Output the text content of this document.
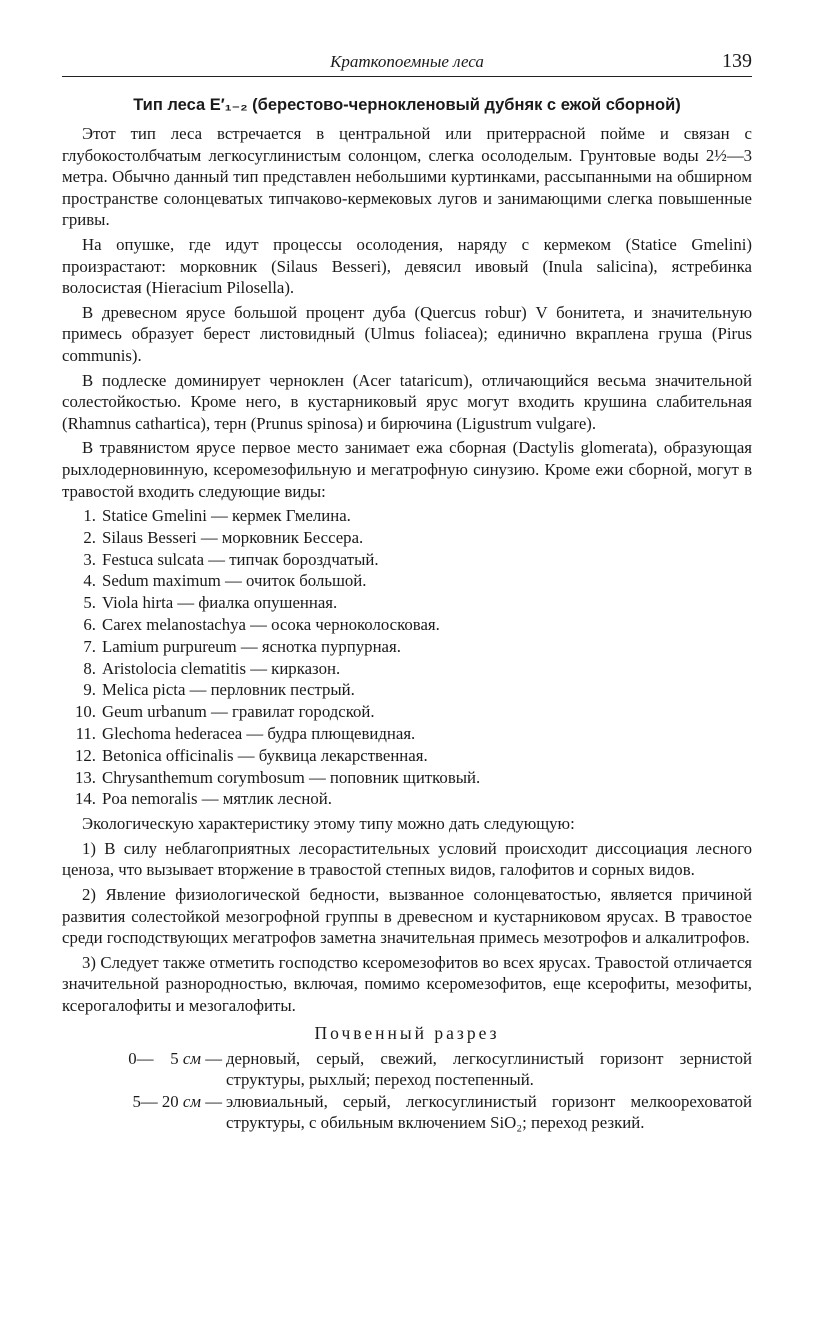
Краткопоемные леса	139
Тип леса E′₁₋₂ (берестово-чернокленовый дубняк с ежой сборной)

Этот тип леса встречается в центральной или притеррасной пойме и связан с глубокостолбчатым легкосуглинистым солонцом, слегка осолоделым. Грунтовые воды 2½—3 метра. Обычно данный тип представлен небольшими куртинками, рассыпанными на обширном пространстве солонцеватых типчаково-кермековых лугов и занимающими слегка повышенные гривы.

На опушке, где идут процессы осолодения, наряду с кермеком (Statice Gmelini) произрастают: морковник (Silaus Besseri), девясил ивовый (Inula salicina), ястребинка волосистая (Hieracium Pilosella).

В древесном ярусе большой процент дуба (Quercus robur) V бонитета, и значительную примесь образует берест листовидный (Ulmus foliacea); единично вкраплена груша (Pirus communis).

В подлеске доминирует черноклен (Acer tataricum), отличающийся весьма значительной солестойкостью. Кроме него, в кустарниковый ярус могут входить крушина слабительная (Rhamnus cathartica), терн (Prunus spinosa) и бирючина (Ligustrum vulgare).

В травянистом ярусе первое место занимает ежа сборная (Dactylis glomerata), образующая рыхлодерновинную, ксеромезофильную и мегатрофную синузию. Кроме ежи сборной, могут в травостой входить следующие виды:

1. Statice Gmelini — кермек Гмелина.
2. Silaus Besseri — морковник Бессера.
3. Festuca sulcata — типчак бороздчатый.
4. Sedum maximum — очиток большой.
5. Viola hirta — фиалка опушенная.
6. Carex melanostachya — осока черноколосковая.
7. Lamium purpureum — яснотка пурпурная.
8. Aristolocia clematitis — кирказон.
9. Melica picta — перловник пестрый.
10. Geum urbanum — гравилат городской.
11. Glechoma hederacea — будра плющевидная.
12. Betonica officinalis — буквица лекарственная.
13. Chrysanthemum corymbosum — поповник щитковый.
14. Poa nemoralis — мятлик лесной.

Экологическую характеристику этому типу можно дать следующую:

1) В силу неблагоприятных лесорастительных условий происходит диссоциация лесного ценоза, что вызывает вторжение в травостой степных видов, галофитов и сорных видов.

2) Явление физиологической бедности, вызванное солонцеватостью, является причиной развития солестойкой мезогрофной группы в древесном и кустарниковом ярусах. В травостое среди господствующих мегатрофов заметна значительная примесь мезотрофов и алкалитрофов.

3) Следует также отметить господство ксеромезофитов во всех ярусах. Травостой отличается значительной разнородностью, включая, помимо ксеромезофитов, еще ксерофиты, мезофиты, ксерогалофиты и мезогалофиты.

Почвенный разрез
0— 5 см — дерновый, серый, свежий, легкосуглинистый горизонт зернистой структуры, рыхлый; переход постепенный.
5— 20 см — элювиальный, серый, легкосуглинистый горизонт мелкоореховатой структуры, с обильным включением SiO₂; переход резкий.
